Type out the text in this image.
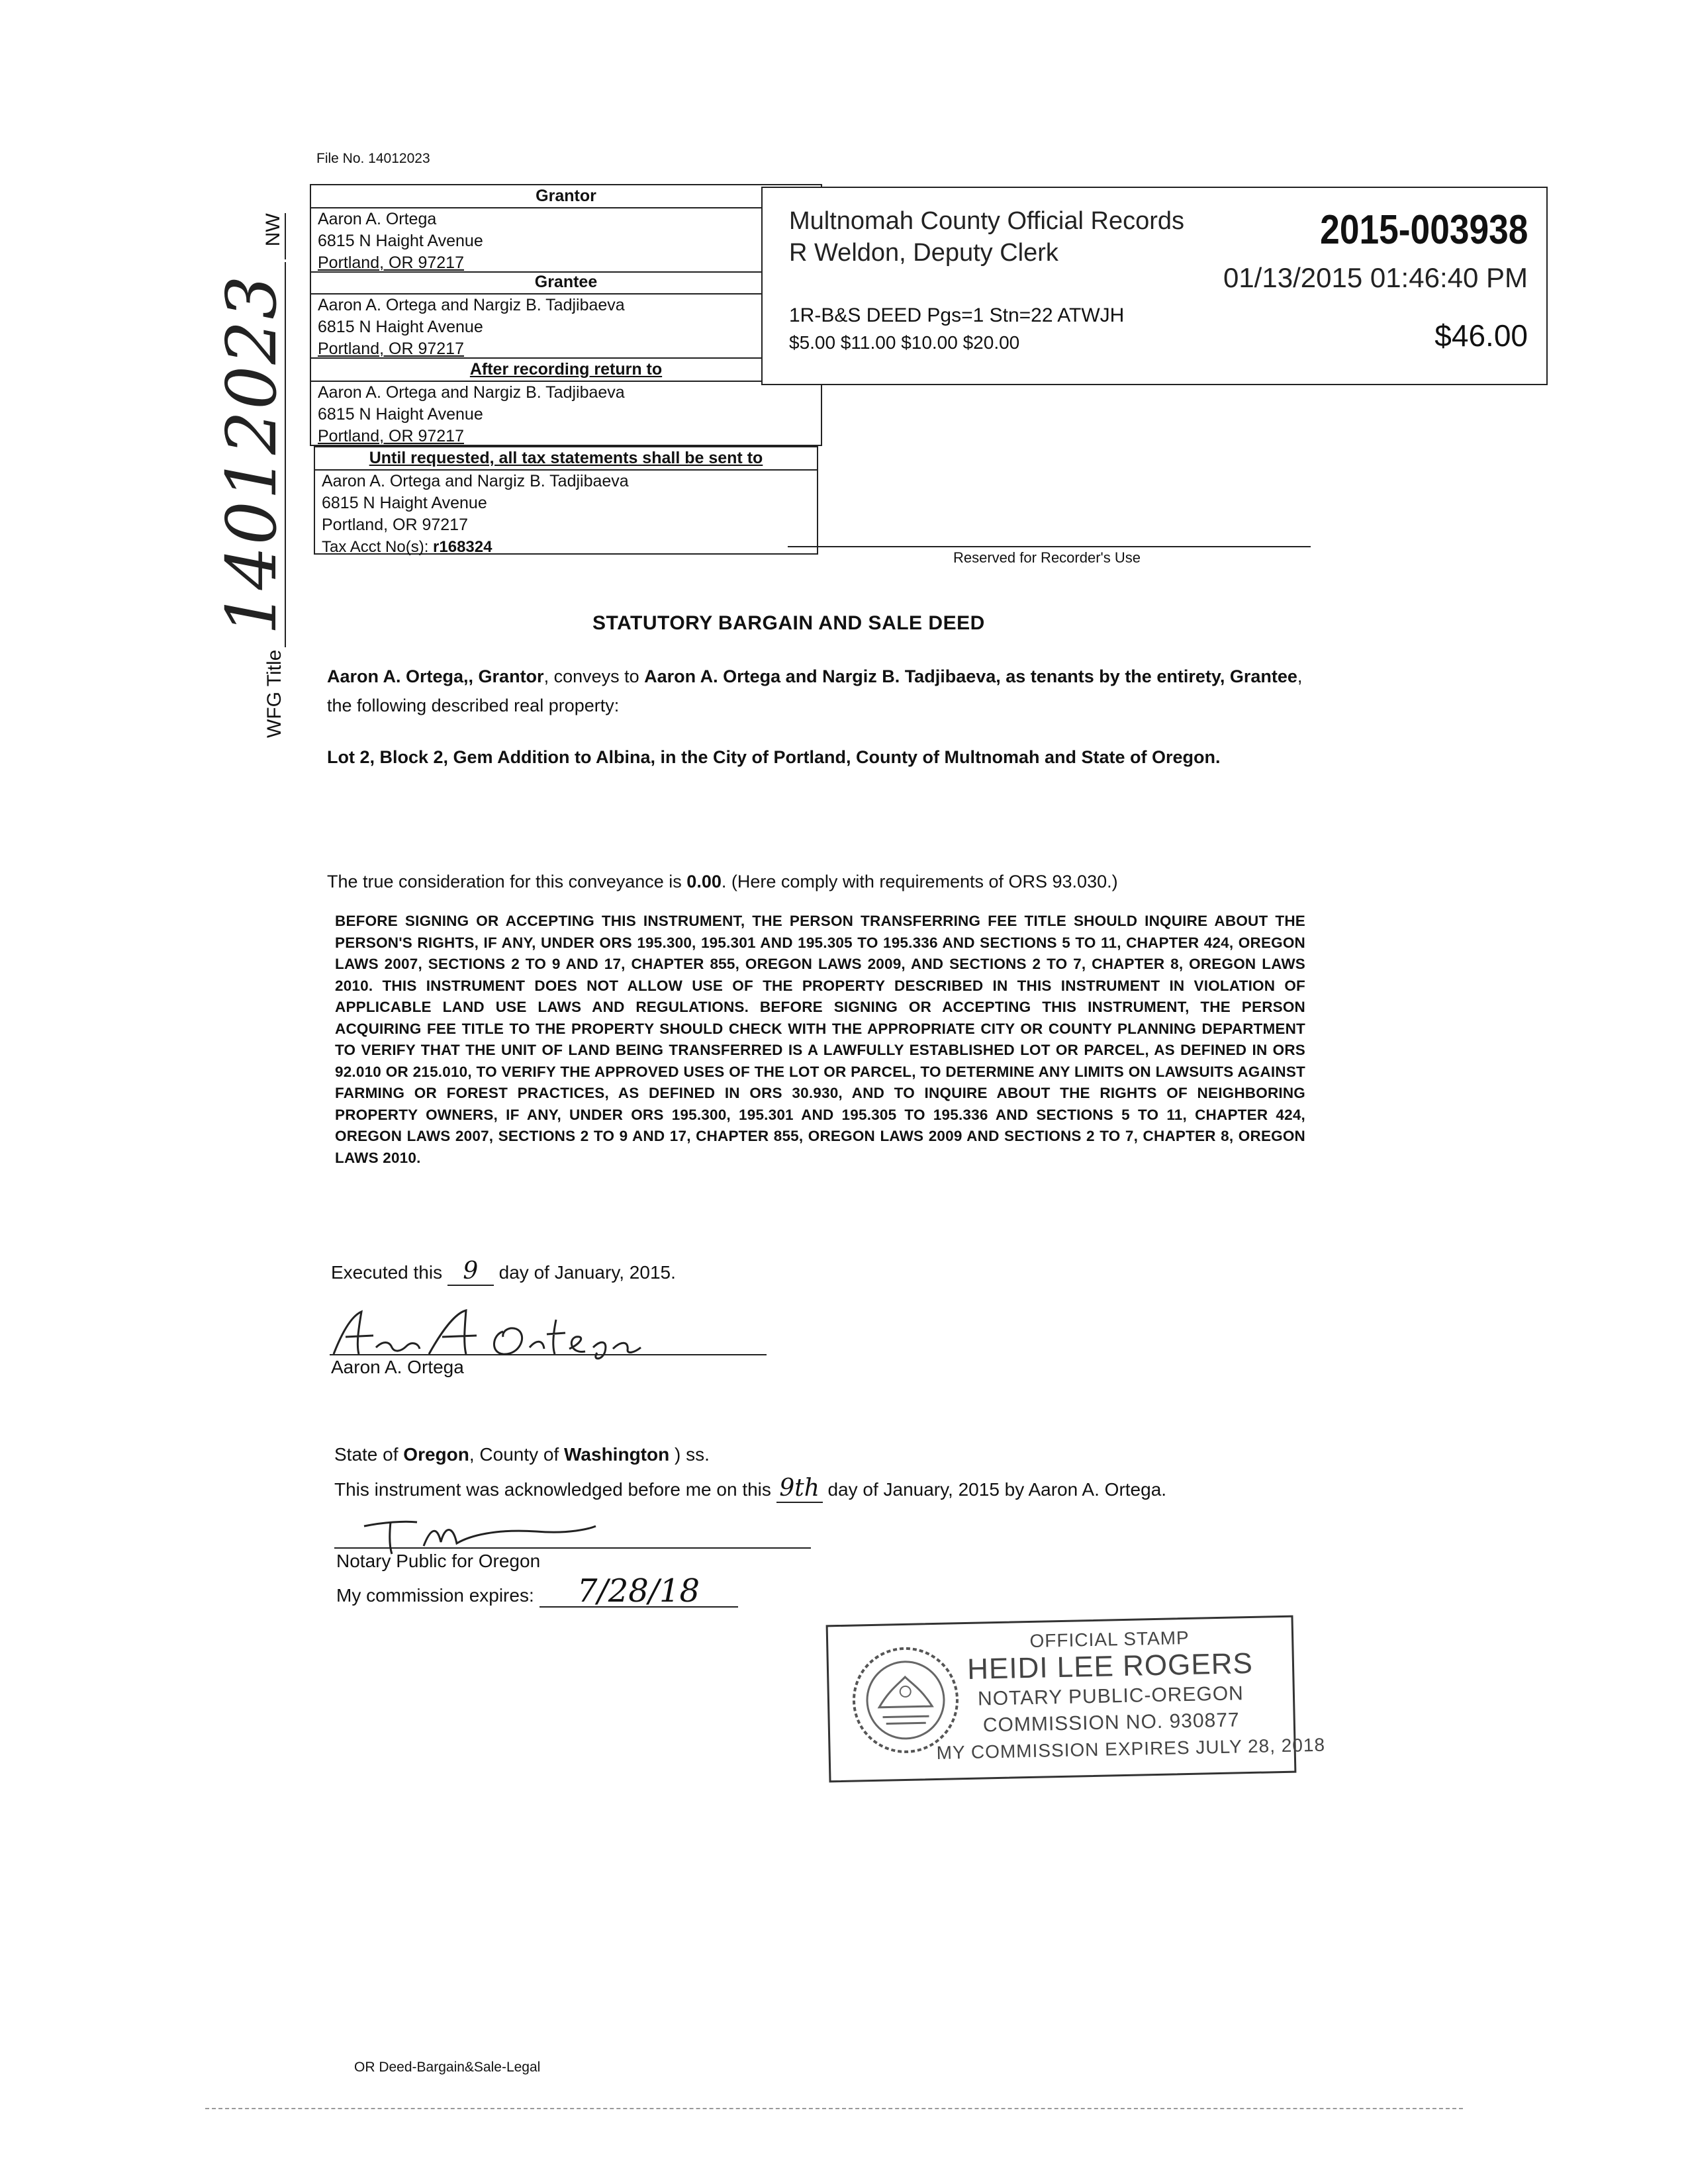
File No. 14012023
WFG Title
14012023
NW
Grantor
Aaron A. Ortega
6815 N Haight Avenue
Portland, OR 97217
Grantee
Aaron A. Ortega and Nargiz B. Tadjibaeva
6815 N Haight Avenue
Portland, OR 97217
After recording return to
Aaron A. Ortega and Nargiz B. Tadjibaeva
6815 N Haight Avenue
Portland, OR 97217
Until requested, all tax statements shall be sent to
Aaron A. Ortega and Nargiz B. Tadjibaeva
6815 N Haight Avenue
Portland, OR 97217
Tax Acct No(s): r168324
Multnomah County Official Records
R Weldon, Deputy Clerk	2015-003938
01/13/2015 01:46:40 PM
1R-B&S DEED Pgs=1 Stn=22 ATWJH
$5.00 $11.00 $10.00 $20.00	$46.00
Reserved for Recorder's Use
STATUTORY BARGAIN AND SALE DEED
Aaron A. Ortega,, Grantor, conveys to Aaron A. Ortega and Nargiz B. Tadjibaeva, as tenants by the entirety, Grantee, the following described real property:
Lot 2, Block 2, Gem Addition to Albina, in the City of Portland, County of Multnomah and State of Oregon.
The true consideration for this conveyance is 0.00. (Here comply with requirements of ORS 93.030.)
BEFORE SIGNING OR ACCEPTING THIS INSTRUMENT, THE PERSON TRANSFERRING FEE TITLE SHOULD INQUIRE ABOUT THE PERSON'S RIGHTS, IF ANY, UNDER ORS 195.300, 195.301 AND 195.305 TO 195.336 AND SECTIONS 5 TO 11, CHAPTER 424, OREGON LAWS 2007, SECTIONS 2 TO 9 AND 17, CHAPTER 855, OREGON LAWS 2009, AND SECTIONS 2 TO 7, CHAPTER 8, OREGON LAWS 2010. THIS INSTRUMENT DOES NOT ALLOW USE OF THE PROPERTY DESCRIBED IN THIS INSTRUMENT IN VIOLATION OF APPLICABLE LAND USE LAWS AND REGULATIONS. BEFORE SIGNING OR ACCEPTING THIS INSTRUMENT, THE PERSON ACQUIRING FEE TITLE TO THE PROPERTY SHOULD CHECK WITH THE APPROPRIATE CITY OR COUNTY PLANNING DEPARTMENT TO VERIFY THAT THE UNIT OF LAND BEING TRANSFERRED IS A LAWFULLY ESTABLISHED LOT OR PARCEL, AS DEFINED IN ORS 92.010 OR 215.010, TO VERIFY THE APPROVED USES OF THE LOT OR PARCEL, TO DETERMINE ANY LIMITS ON LAWSUITS AGAINST FARMING OR FOREST PRACTICES, AS DEFINED IN ORS 30.930, AND TO INQUIRE ABOUT THE RIGHTS OF NEIGHBORING PROPERTY OWNERS, IF ANY, UNDER ORS 195.300, 195.301 AND 195.305 TO 195.336 AND SECTIONS 5 TO 11, CHAPTER 424, OREGON LAWS 2007, SECTIONS 2 TO 9 AND 17, CHAPTER 855, OREGON LAWS 2009 AND SECTIONS 2 TO 7, CHAPTER 8, OREGON LAWS 2010.
Executed this 9 day of January, 2015.
Aaron A. Ortega
State of Oregon, County of Washington ) ss.
This instrument was acknowledged before me on this 9th day of January, 2015 by Aaron A. Ortega.
Notary Public for Oregon
My commission expires: 7/28/18
OFFICIAL STAMP
HEIDI LEE ROGERS
NOTARY PUBLIC-OREGON
COMMISSION NO. 930877
MY COMMISSION EXPIRES JULY 28, 2018
OR Deed-Bargain&Sale-Legal
